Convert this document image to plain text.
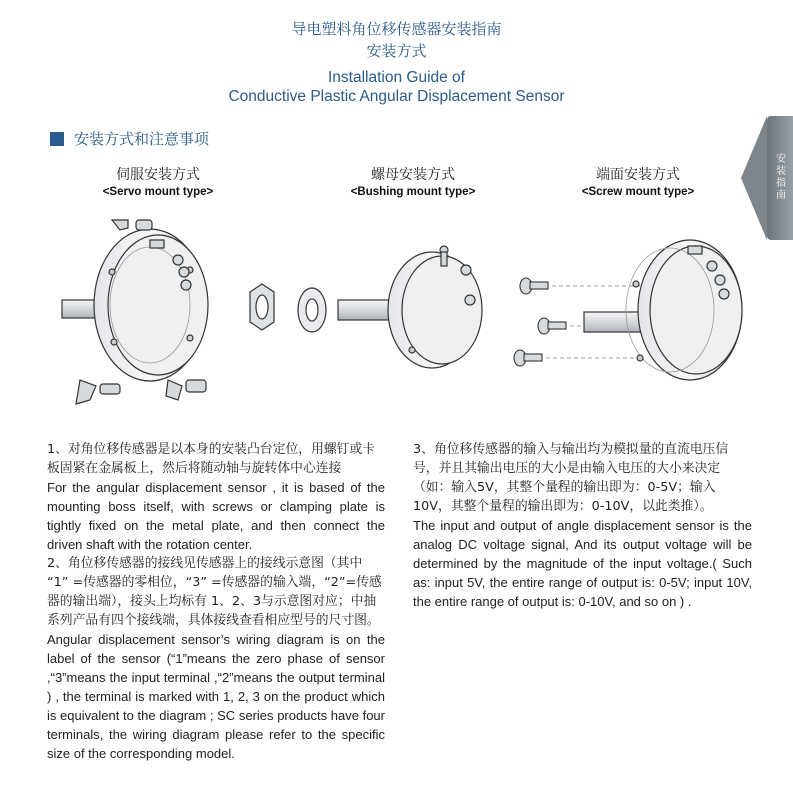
导电塑料角位移传感器安装指南
安装方式
Installation Guide of
Conductive Plastic Angular Displacement Sensor
安装指南
安装方式和注意事项
伺服安装方式
<Servo mount type>
螺母安装方式
<Bushing mount type>
端面安装方式
<Screw mount type>

1、对角位移传感器是以本身的安装凸台定位，用螺钉或卡板固紧在金属板上，然后将随动轴与旋转体中心连接

For the angular displacement sensor , it is based of the mounting boss itself, with screws or clamping plate is tightly fixed on the metal plate, and then connect the driven shaft with the rotation center.

2、角位移传感器的接线见传感器上的接线示意图（其中 “1” =传感器的零相位，“3” =传感器的输入端，“2”=传感器的输出端），接头上均标有 1、2、3与示意图对应；中抽系列产品有四个接线端，具体接线查看相应型号的尺寸图。

Angular displacement sensor’s wiring diagram is on the label of the sensor (“1”means the zero phase of sensor ,“3”means the input terminal ,“2”means the output terminal ) , the terminal is marked with 1, 2, 3 on the product which is equivalent to the diagram ; SC series products have four terminals, the wiring diagram please refer to the specific size of the corresponding model.

3、角位移传感器的输入与输出均为模拟量的直流电压信号，并且其输出电压的大小是由输入电压的大小来决定（如：输入5V，其整个量程的输出即为：0-5V；输入10V，其整个量程的输出即为：0-10V，以此类推）。

The input and output of angle displacement sensor is the analog DC voltage signal, And its output voltage will be determined by the magnitude of the input voltage.( Such as: input 5V, the entire range of output is: 0-5V; input 10V, the entire range of output is: 0-10V, and so on ) .
